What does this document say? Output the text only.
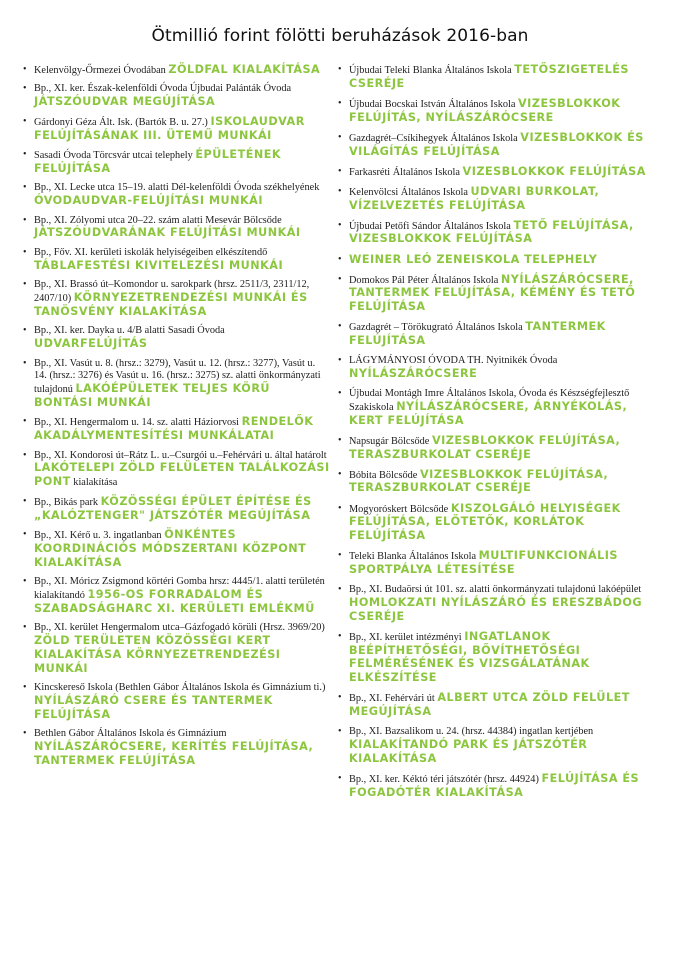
Ötmillió forint fölötti beruházások 2016-ban
• Kelenvölgy-Őrmezei Óvodában ZÖLDFAL KIALAKÍTÁSA
• Bp., XI. ker. Észak-kelenföldi Óvoda Újbudai Palánták Óvoda JÁTSZÓUDVAR MEGÚJÍTÁSA
• Gárdonyi Géza Ált. Isk. (Bartók B. u. 27.) ISKOLAUDVAR FELÚJÍTÁSÁNAK III. ÜTEMŰ MUNKÁI
• Sasadi Óvoda Törcsvár utcai telephely ÉPÜLETÉNEK FELÚJÍTÁSA
• Bp., XI. Lecke utca 15–19. alatti Dél-kelenföldi Óvoda székhelyének ÓVODAUDVAR-FELÚJÍTÁSI MUNKÁI
• Bp., XI. Zólyomi utca 20–22. szám alatti Mesevár Bölcsőde JÁTSZÓUDVARÁNAK FELÚJÍTÁSI MUNKÁI
• Bp., Főv. XI. kerületi iskolák helyiségeiben elkészítendő TÁBLAFESTÉSI KIVITELEZÉSI MUNKÁI
• Bp., XI. Brassó út–Komondor u. sarokpark (hrsz. 2511/3, 2311/12, 2407/10) KÖRNYEZETRENDEZÉSI MUNKÁI ÉS TANÖSVÉNY KIALAKÍTÁSA
• Bp., XI. ker. Dayka u. 4/B alatti Sasadi Óvoda UDVARFELÚJÍTÁS
• Bp., XI. Vasút u. 8. (hrsz.: 3279), Vasút u. 12. (hrsz.: 3277), Vasút u. 14. (hrsz.: 3276) és Vasút u. 16. (hrsz.: 3275) sz. alatti önkormányzati tulajdonú LAKÓÉPÜLETEK TELJES KÖRŰ BONTÁSI MUNKÁI
• Bp., XI. Hengermalom u. 14. sz. alatti Háziorvosi RENDELŐK AKADÁLYMENTESÍTÉSI MUNKÁLATAI
• Bp., XI. Kondorosi út–Rátz L. u.–Csurgói u.–Fehérvári u. által határolt LAKÓTELEPI ZÖLD FELÜLETEN TALÁLKOZÁSI PONT kialakítása
• Bp., Bikás park KÖZÖSSÉGI ÉPÜLET ÉPÍTÉSE ÉS „KALÓZTENGER" JÁTSZÓTÉR MEGÚJÍTÁSA
• Bp., XI. Kérő u. 3. ingatlanban ÖNKÉNTES KOORDINÁCIÓS MÓDSZERTANI KÖZPONT KIALAKÍTÁSA
• Bp., XI. Móricz Zsigmond körtéri Gomba hrsz: 4445/1. alatti területén kialakítandó 1956-OS FORRADALOM ÉS SZABADSÁGHARC XI. KERÜLETI EMLÉKMŰ
• Bp., XI. kerület Hengermalom utca–Gázfogadó körüli (Hrsz. 3969/20) ZÖLD TERÜLETEN KÖZÖSSÉGI KERT KIALAKÍTÁSA KÖRNYEZETRENDEZÉSI MUNKÁI
• Kincskereső Iskola (Bethlen Gábor Általános Iskola és Gimnázium ti.) NYÍLÁSZÁRÓ CSERE ÉS TANTERMEK FELÚJÍTÁSA
• Bethlen Gábor Általános Iskola és Gimnázium NYÍLÁSZÁRÓCSERE, KERÍTÉS FELÚJÍTÁSA, TANTERMEK FELÚJÍTÁSA
• Újbudai Teleki Blanka Általános Iskola TETŐSZIGETELÉS CSERÉJE
• Újbudai Bocskai István Általános Iskola VIZESBLOKKOK FELÚJÍTÁS, NYÍLÁSZÁRÓCSERE
• Gazdagrét–Csíkihegyek Általános Iskola VIZESBLOKKOK ÉS VILÁGÍTÁS FELÚJÍTÁSA
• Farkasréti Általános Iskola VIZESBLOKKOK FELÚJÍTÁSA
• Kelenvölcsi Általános Iskola UDVARI BURKOLAT, VÍZELVEZETÉS FELÚJÍTÁSA
• Újbudai Petőfi Sándor Általános Iskola TETŐ FELÚJÍTÁSA, VIZESBLOKKOK FELÚJÍTÁSA
• WEINER LEÓ ZENEISKOLA TELEPHELY
• Domokos Pál Péter Általános Iskola NYÍLÁSZÁRÓCSERE, TANTERMEK FELÚJÍTÁSA, KÉMÉNY ÉS TETŐ FELÚJÍTÁSA
• Gazdagrét – Törökugrató Általános Iskola TANTERMEK FELÚJÍTÁSA
• LÁGYMÁNYOSI ÓVODA TH. Nyitnikék Óvoda NYÍLÁSZÁRÓCSERE
• Újbudai Montágh Imre Általános Iskola, Óvoda és Készségfejlesztő Szakiskola NYÍLÁSZÁRÓCSERE, ÁRNYÉKOLÁS, KERT FELÚJÍTÁSA
• Napsugár Bölcsőde VIZESBLOKKOK FELÚJÍTÁSA, TERASZBURKOLAT CSERÉJE
• Bóbita Bölcsőde VIZESBLOKKOK FELÚJÍTÁSA, TERASZBURKOLAT CSERÉJE
• Mogyoróskert Bölcsőde KISZOLGÁLÓ HELYISÉGEK FELÚJÍTÁSA, ELŐTETŐK, KORLÁTOK FELÚJÍTÁSA
• Teleki Blanka Általános Iskola MULTIFUNKCIONÁLIS SPORTPÁLYA LÉTESÍTÉSE
• Bp., XI. Budaörsi út 101. sz. alatti önkormányzati tulajdonú lakóépület HOMLOKZATI NYÍLÁSZÁRÓ ÉS ERESZBÁDOG CSERÉJE
• Bp., XI. kerület intézményi INGATLANOK BEÉPÍTHETŐSÉGI, BŐVÍTHETŐSÉGI FELMÉRÉSÉNEK ÉS VIZSGÁLATÁNAK ELKÉSZÍTÉSE
• Bp., XI. Fehérvári út ALBERT UTCA ZÖLD FELÜLET MEGÚJÍTÁSA
• Bp., XI. Bazsalikom u. 24. (hrsz. 44384) ingatlan kertjében KIALAKÍTANDÓ PARK ÉS JÁTSZÓTÉR KIALAKÍTÁSA
• Bp., XI. ker. Kéktó téri játszótér (hrsz. 44924) FELÚJÍTÁSA ÉS FOGADÓTÉR KIALAKÍTÁSA
